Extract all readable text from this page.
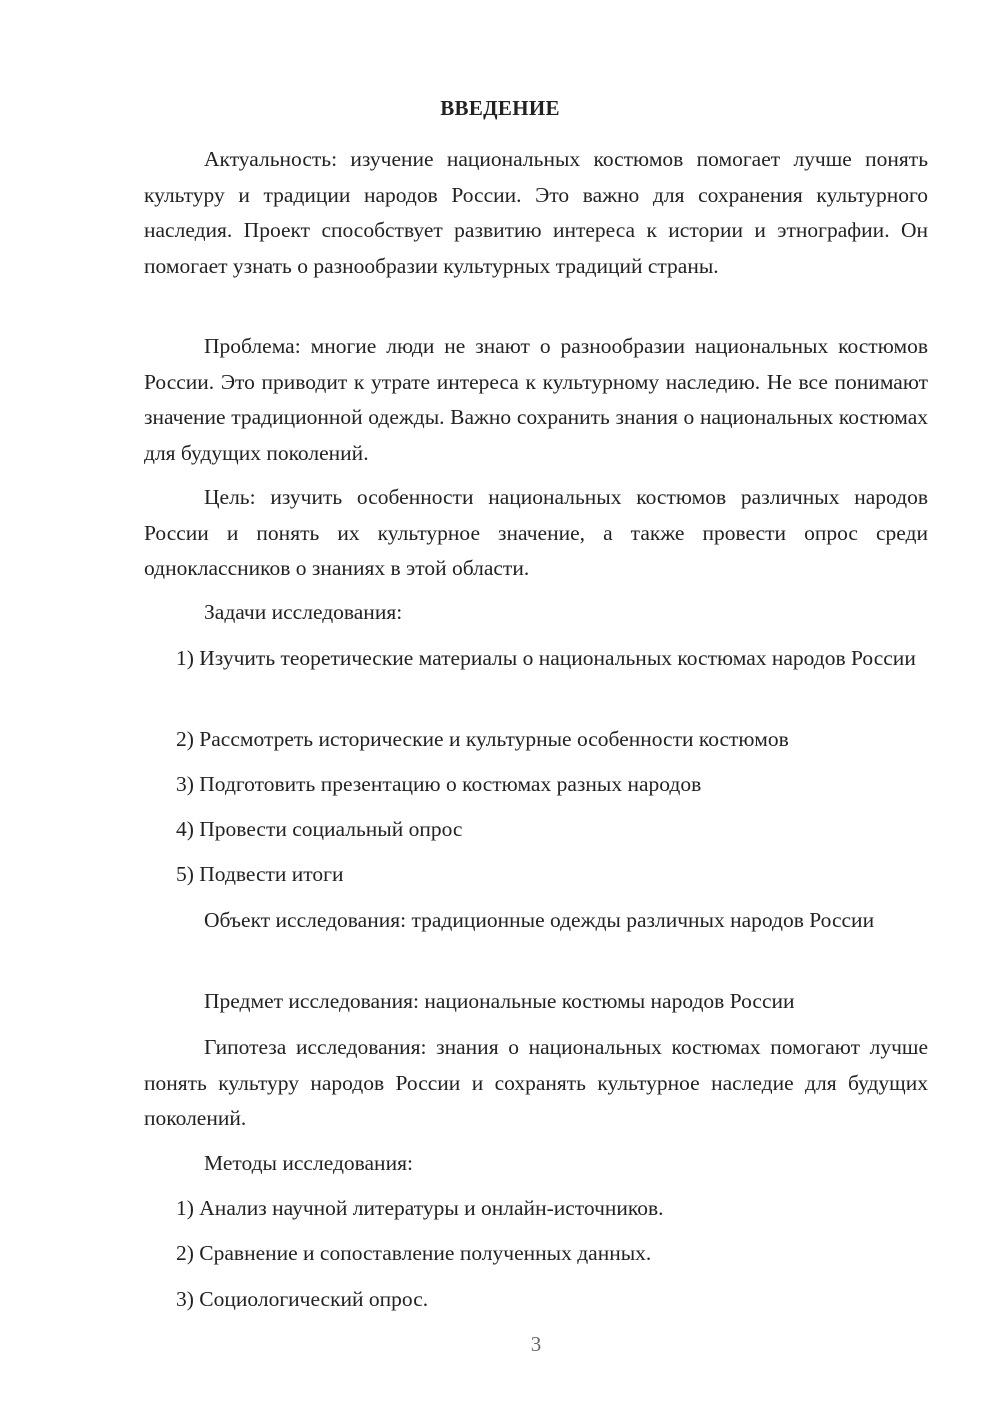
ВВЕДЕНИЕ
Актуальность: изучение национальных костюмов помогает лучше понять культуру и традиции народов России. Это важно для сохранения культурного наследия. Проект способствует развитию интереса к истории и этнографии. Он помогает узнать о разнообразии культурных традиций страны.
Проблема: многие люди не знают о разнообразии национальных костюмов России. Это приводит к утрате интереса к культурному наследию. Не все понимают значение традиционной одежды. Важно сохранить знания о национальных костюмах для будущих поколений.
Цель: изучить особенности национальных костюмов различных народов России и понять их культурное значение, а также провести опрос среди одноклассников о знаниях в этой области.
Задачи исследования:
1) Изучить теоретические материалы о национальных костюмах народов России
2) Рассмотреть исторические и культурные особенности костюмов
3) Подготовить презентацию о костюмах разных народов
4) Провести социальный опрос
5) Подвести итоги
Объект исследования: традиционные одежды различных народов России
Предмет исследования: национальные костюмы народов России
Гипотеза исследования: знания о национальных костюмах помогают лучше понять культуру народов России и сохранять культурное наследие для будущих поколений.
Методы исследования:
1) Анализ научной литературы и онлайн-источников.
2) Сравнение и сопоставление полученных данных.
3) Социологический опрос.
3
